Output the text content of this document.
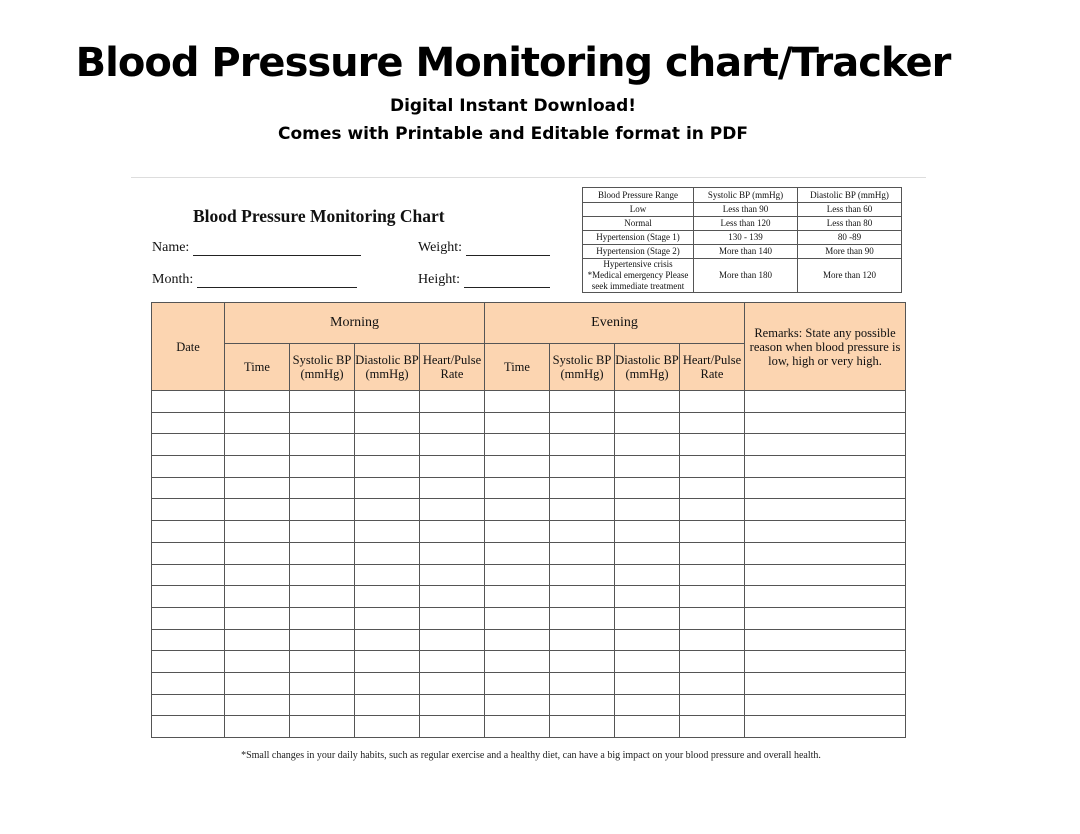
Blood Pressure Monitoring chart/Tracker

Digital Instant Download!

Comes with Printable and Editable format in PDF

Blood Pressure Monitoring Chart
Name:
Month:
Weight:
Height:
Blood Pressure Range	Systolic BP (mmHg)	Diastolic BP (mmHg)
Low	Less than 90	Less than 60
Normal	Less than 120	Less than 80
Hypertension (Stage 1)	130 - 139	80 -89
Hypertension (Stage 2)	More than 140	More than 90
Hypertensive crisis *Medical emergency Please seek immediate treatment	More than 180	More than 120
Date	Morning				Evening				Remarks: State any possible reason when blood pressure is low, high or very high.
	Time	Systolic BP (mmHg)	Diastolic BP (mmHg)	Heart/Pulse Rate	Time	Systolic BP (mmHg)	Diastolic BP (mmHg)	Heart/Pulse Rate	

*Small changes in your daily habits, such as regular exercise and a healthy diet, can have a big impact on your blood pressure and overall health.
